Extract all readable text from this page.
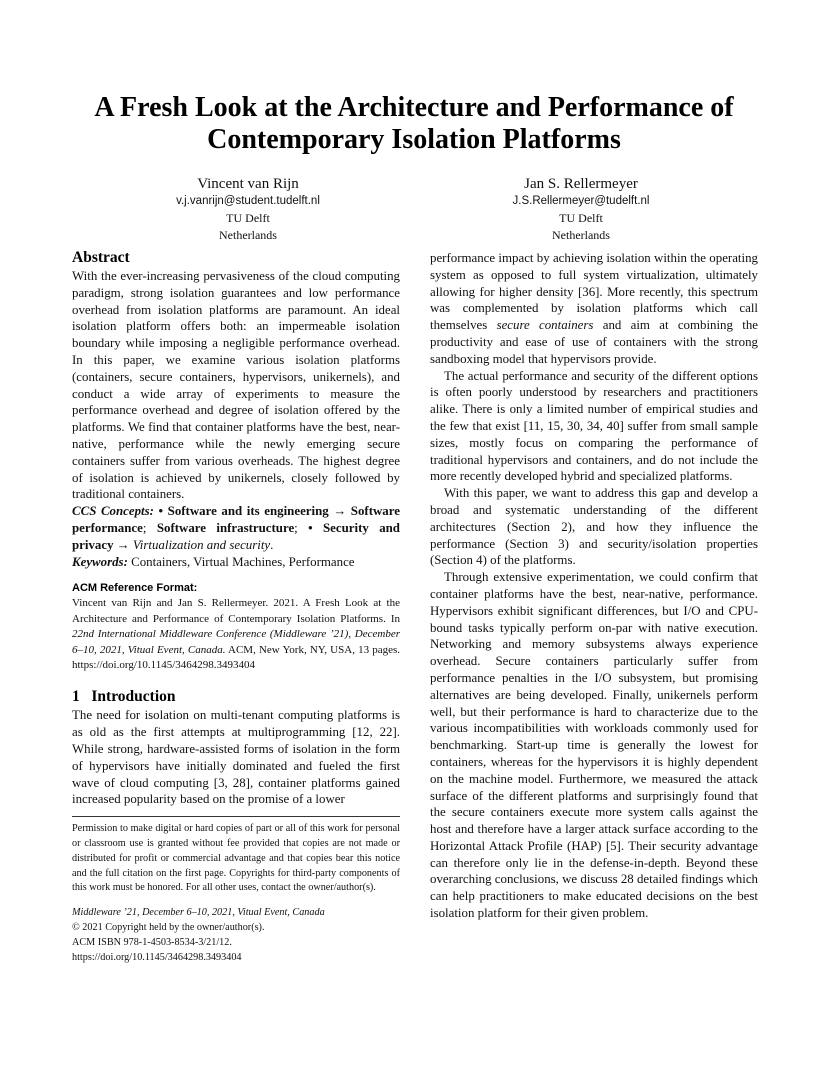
A Fresh Look at the Architecture and Performance of Contemporary Isolation Platforms
Vincent van Rijn
v.j.vanrijn@student.tudelft.nl
TU Delft
Netherlands
Jan S. Rellermeyer
J.S.Rellermeyer@tudelft.nl
TU Delft
Netherlands
Abstract

With the ever-increasing pervasiveness of the cloud computing paradigm, strong isolation guarantees and low performance overhead from isolation platforms are paramount. An ideal isolation platform offers both: an impermeable isolation boundary while imposing a negligible performance overhead. In this paper, we examine various isolation platforms (containers, secure containers, hypervisors, unikernels), and conduct a wide array of experiments to measure the performance overhead and degree of isolation offered by the platforms. We find that container platforms have the best, near-native, performance while the newly emerging secure containers suffer from various overheads. The highest degree of isolation is achieved by unikernels, closely followed by traditional containers.

CCS Concepts: • Software and its engineering → Software performance; Software infrastructure; • Security and privacy → Virtualization and security.

Keywords: Containers, Virtual Machines, Performance

ACM Reference Format:

Vincent van Rijn and Jan S. Rellermeyer. 2021. A Fresh Look at the Architecture and Performance of Contemporary Isolation Platforms. In 22nd International Middleware Conference (Middleware ’21), December 6–10, 2021, Vitual Event, Canada. ACM, New York, NY, USA, 13 pages. https://doi.org/10.1145/3464298.3493404

1   Introduction

The need for isolation on multi-tenant computing platforms is as old as the first attempts at multiprogramming [12, 22]. While strong, hardware-assisted forms of isolation in the form of hypervisors have initially dominated and fueled the first wave of cloud computing [3, 28], container platforms gained increased popularity based on the promise of a lower

Permission to make digital or hard copies of part or all of this work for personal or classroom use is granted without fee provided that copies are not made or distributed for profit or commercial advantage and that copies bear this notice and the full citation on the first page. Copyrights for third-party components of this work must be honored. For all other uses, contact the owner/author(s).

Middleware ’21, December 6–10, 2021, Vitual Event, Canada

© 2021 Copyright held by the owner/author(s).

ACM ISBN 978-1-4503-8534-3/21/12.

https://doi.org/10.1145/3464298.3493404

performance impact by achieving isolation within the operating system as opposed to full system virtualization, ultimately allowing for higher density [36]. More recently, this spectrum was complemented by isolation platforms which call themselves secure containers and aim at combining the productivity and ease of use of containers with the strong sandboxing model that hypervisors provide.

The actual performance and security of the different options is often poorly understood by researchers and practitioners alike. There is only a limited number of empirical studies and the few that exist [11, 15, 30, 34, 40] suffer from small sample sizes, mostly focus on comparing the performance of traditional hypervisors and containers, and do not include the more recently developed hybrid and specialized platforms.

With this paper, we want to address this gap and develop a broad and systematic understanding of the different architectures (Section 2), and how they influence the performance (Section 3) and security/isolation properties (Section 4) of the platforms.

Through extensive experimentation, we could confirm that container platforms have the best, near-native, performance. Hypervisors exhibit significant differences, but I/O and CPU-bound tasks typically perform on-par with native execution. Networking and memory subsystems always experience overhead. Secure containers particularly suffer from performance penalties in the I/O subsystem, but promising alternatives are being developed. Finally, unikernels perform well, but their performance is hard to characterize due to the various incompatibilities with workloads commonly used for benchmarking. Start-up time is generally the lowest for containers, whereas for the hypervisors it is highly dependent on the machine model. Furthermore, we measured the attack surface of the different platforms and surprisingly found that the secure containers execute more system calls against the host and therefore have a larger attack surface according to the Horizontal Attack Profile (HAP) [5]. Their security advantage can therefore only lie in the defense-in-depth. Beyond these overarching conclusions, we discuss 28 detailed findings which can help practitioners to make educated decisions on the best isolation platform for their given problem.
